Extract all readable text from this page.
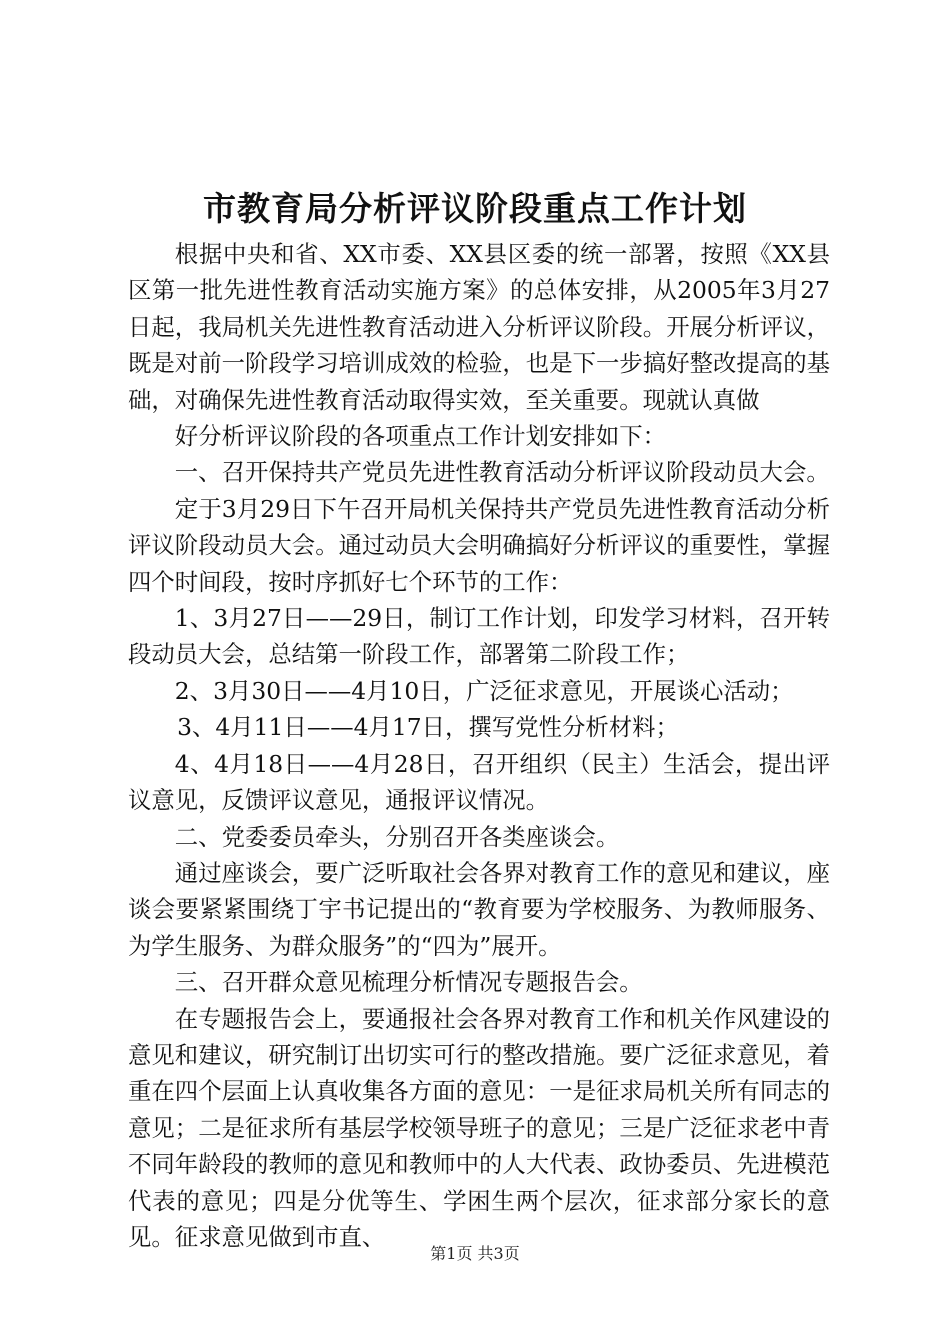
市教育局分析评议阶段重点工作计划

根据中央和省、XX市委、XX县区委的统一部署，按照《XX县区第一批先进性教育活动实施方案》的总体安排，从2005年3月27日起，我局机关先进性教育活动进入分析评议阶段。开展分析评议，既是对前一阶段学习培训成效的检验，也是下一步搞好整改提高的基础，对确保先进性教育活动取得实效，至关重要。现就认真做

好分析评议阶段的各项重点工作计划安排如下：

一、召开保持共产党员先进性教育活动分析评议阶段动员大会。

定于3月29日下午召开局机关保持共产党员先进性教育活动分析评议阶段动员大会。通过动员大会明确搞好分析评议的重要性，掌握四个时间段，按时序抓好七个环节的工作：

1、3月27日——29日，制订工作计划，印发学习材料，召开转段动员大会，总结第一阶段工作，部署第二阶段工作；

2、3月30日——4月10日，广泛征求意见，开展谈心活动；

3、4月11日——4月17日，撰写党性分析材料；

4、4月18日——4月28日，召开组织（民主）生活会，提出评议意见，反馈评议意见，通报评议情况。

二、党委委员牵头，分别召开各类座谈会。

通过座谈会，要广泛听取社会各界对教育工作的意见和建议，座谈会要紧紧围绕丁宇书记提出的“教育要为学校服务、为教师服务、为学生服务、为群众服务”的“四为”展开。

三、召开群众意见梳理分析情况专题报告会。

在专题报告会上，要通报社会各界对教育工作和机关作风建设的意见和建议，研究制订出切实可行的整改措施。要广泛征求意见，着重在四个层面上认真收集各方面的意见：一是征求局机关所有同志的意见；二是征求所有基层学校领导班子的意见；三是广泛征求老中青不同年龄段的教师的意见和教师中的人大代表、政协委员、先进模范代表的意见；四是分优等生、学困生两个层次，征求部分家长的意见。征求意见做到市直、

第1页 共3页
